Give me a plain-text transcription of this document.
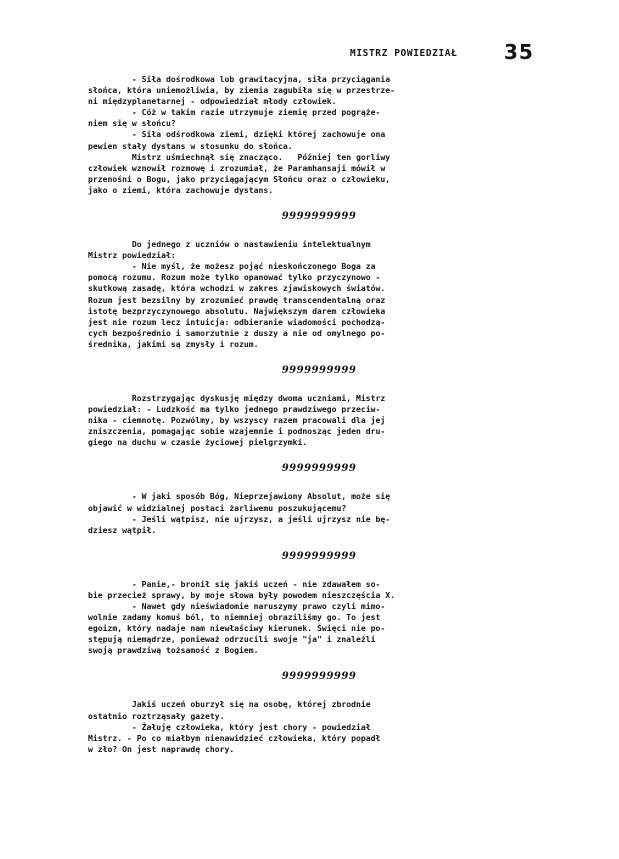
MISTRZ POWIEDZIAŁ 35

- Siła dośrodkowa lub grawitacyjna, siła przyciągania
słońca, która uniemożliwia, by ziemia zagubiła się w przestrze-
ni międzyplanetarnej - odpowiedział młody człowiek.
- Cóż w takim razie utrzymuje ziemię przed pogrąże-
niem się w słońcu?
- Siła odśrodkowa ziemi, dzięki której zachowuje ona
pewien stały dystans w stosunku do słońca.
Mistrz uśmiechnął się znacząco.   Później ten gorliwy
człowiek wznowił rozmowę i zrozumiał, że Paramhansaji mówił w
przenośni o Bogu, jako przyciągającym Słońcu oraz o człowieku,
jako o ziemi, która zachowuje dystans.

9999999999

Do jednego z uczniów o nastawieniu intelektualnym
Mistrz powiedział:
- Nie myśl, że możesz pojąć nieskończonego Boga za
pomocą rozumu. Rozum może tylko opanować tylko przyczynowo -
skutkową zasadę, która wchodzi w zakres zjawiskowych światów.
Rozum jest bezsilny by zrozumieć prawdę transcendentalną oraz
istotę bezprzyczynowego absolutu. Największym darem człowieka
jest nie rozum lecz intuicja: odbieranie wiadomości pochodzą-
cych bezpośrednio i samorzutnie z duszy a nie od omylnego po-
średnika, jakimi są zmysły i rozum.

9999999999

Rozstrzygając dyskusję między dwoma uczniami, Mistrz
powiedział: - Ludzkość ma tylko jednego prawdziwego przeciw-
nika - ciemnotę. Pozwólmy, by wszyscy razem pracowali dla jej
zniszczenia, pomagając sobie wzajemnie i podnosząc jeden dru-
giego na duchu w czasie życiowej pielgrzymki.

9999999999

- W jaki sposób Bóg, Nieprzejawiony Absolut, może się
objawić w widzialnej postaci żarliwemu poszukującemu?
- Jeśli wątpisz, nie ujrzysz, a jeśli ujrzysz nie bę-
dziesz wątpił.

9999999999

- Panie,- bronił się jakiś uczeń - nie zdawałem so-
bie przecież sprawy, by moje słowa były powodem nieszczęścia X.
- Nawet gdy nieświadomie naruszymy prawo czyli mimo-
wolnie zadamy komuś ból, to niemniej obraziliśmy go. To jest
egoizm, który nadaje nam niewłaściwy kierunek. Święci nie po-
stępują niemądrze, ponieważ odrzucili swoje "ja" i znaleźli
swoją prawdziwą tożsamość z Bogiem.

9999999999

Jakiś uczeń oburzył się na osobę, której zbrodnie
ostatnio roztrząsały gazety.
- Żałuję człowieka, który jest chory - powiedział
Mistrz. - Po co miałbym nienawidzieć człowieka, który popadł
w zło? On jest naprawdę chory.
